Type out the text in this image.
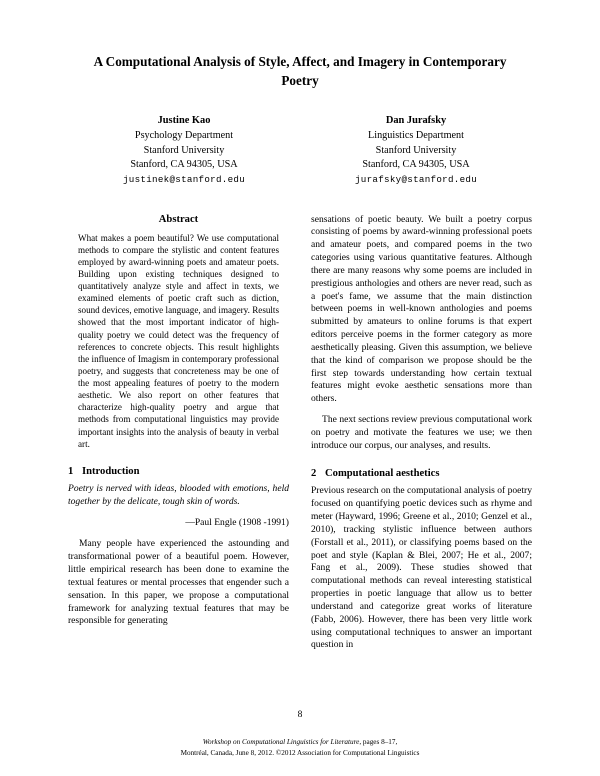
A Computational Analysis of Style, Affect, and Imagery in Contemporary Poetry
Justine Kao
Psychology Department
Stanford University
Stanford, CA 94305, USA
justinek@stanford.edu
Dan Jurafsky
Linguistics Department
Stanford University
Stanford, CA 94305, USA
jurafsky@stanford.edu
Abstract
What makes a poem beautiful? We use computational methods to compare the stylistic and content features employed by award-winning poets and amateur poets. Building upon existing techniques designed to quantitatively analyze style and affect in texts, we examined elements of poetic craft such as diction, sound devices, emotive language, and imagery. Results showed that the most important indicator of high-quality poetry we could detect was the frequency of references to concrete objects. This result highlights the influence of Imagism in contemporary professional poetry, and suggests that concreteness may be one of the most appealing features of poetry to the modern aesthetic. We also report on other features that characterize high-quality poetry and argue that methods from computational linguistics may provide important insights into the analysis of beauty in verbal art.
1 Introduction

Poetry is nerved with ideas, blooded with emotions, held together by the delicate, tough skin of words.

—Paul Engle (1908 -1991)

Many people have experienced the astounding and transformational power of a beautiful poem. However, little empirical research has been done to examine the textual features or mental processes that engender such a sensation. In this paper, we propose a computational framework for analyzing textual features that may be responsible for generating

sensations of poetic beauty. We built a poetry corpus consisting of poems by award-winning professional poets and amateur poets, and compared poems in the two categories using various quantitative features. Although there are many reasons why some poems are included in prestigious anthologies and others are never read, such as a poet's fame, we assume that the main distinction between poems in well-known anthologies and poems submitted by amateurs to online forums is that expert editors perceive poems in the former category as more aesthetically pleasing. Given this assumption, we believe that the kind of comparison we propose should be the first step towards understanding how certain textual features might evoke aesthetic sensations more than others.

The next sections review previous computational work on poetry and motivate the features we use; we then introduce our corpus, our analyses, and results.

2 Computational aesthetics

Previous research on the computational analysis of poetry focused on quantifying poetic devices such as rhyme and meter (Hayward, 1996; Greene et al., 2010; Genzel et al., 2010), tracking stylistic influence between authors (Forstall et al., 2011), or classifying poems based on the poet and style (Kaplan & Blei, 2007; He et al., 2007; Fang et al., 2009). These studies showed that computational methods can reveal interesting statistical properties in poetic language that allow us to better understand and categorize great works of literature (Fabb, 2006). However, there has been very little work using computational techniques to answer an important question in

8
Workshop on Computational Linguistics for Literature, pages 8–17,
Montréal, Canada, June 8, 2012. ©2012 Association for Computational Linguistics
